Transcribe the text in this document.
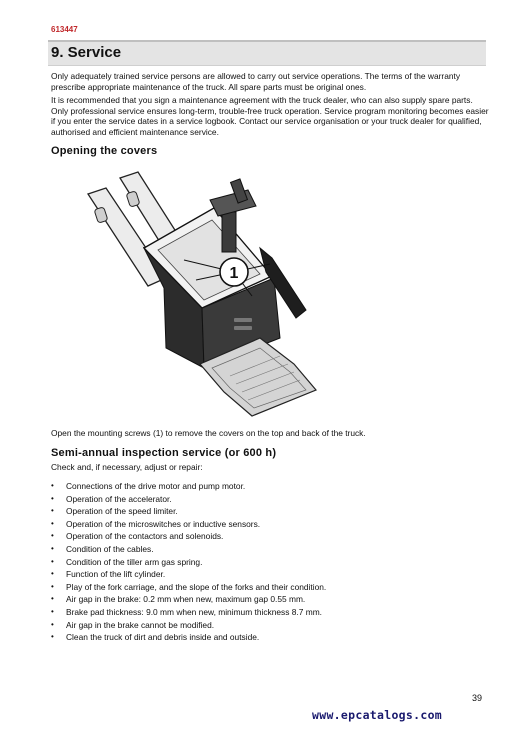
613447
9. Service

Only adequately trained service persons are allowed to carry out service operations. The terms of the warranty prescribe appropriate maintenance of the truck. All spare parts must be original ones.

It is recommended that you sign a maintenance agreement with the truck dealer, who can also supply spare parts. Only professional service ensures long-term, trouble-free truck operation. Service program monitoring becomes easier if you enter the service dates in a service logbook. Contact our service organisation or your truck dealer for qualified, authorised and efficient maintenance service.

Opening the covers
1

Open the mounting screws (1) to remove the covers on the top and back of the truck.

Semi-annual inspection service (or 600 h)

Check and, if necessary, adjust or repair:

• Connections of the drive motor and pump motor.
• Operation of the accelerator.
• Operation of the speed limiter.
• Operation of the microswitches or inductive sensors.
• Operation of the contactors and solenoids.
• Condition of the cables.
• Condition of the tiller arm gas spring.
• Function of the lift cylinder.
• Play of the fork carriage, and the slope of the forks and their condition.
• Air gap in the brake: 0.2 mm when new, maximum gap 0.55 mm.
• Brake pad thickness: 9.0 mm when new, minimum thickness 8.7 mm.
• Air gap in the brake cannot be modified.
• Clean the truck of dirt and debris inside and outside.
39
www.epcatalogs.com
